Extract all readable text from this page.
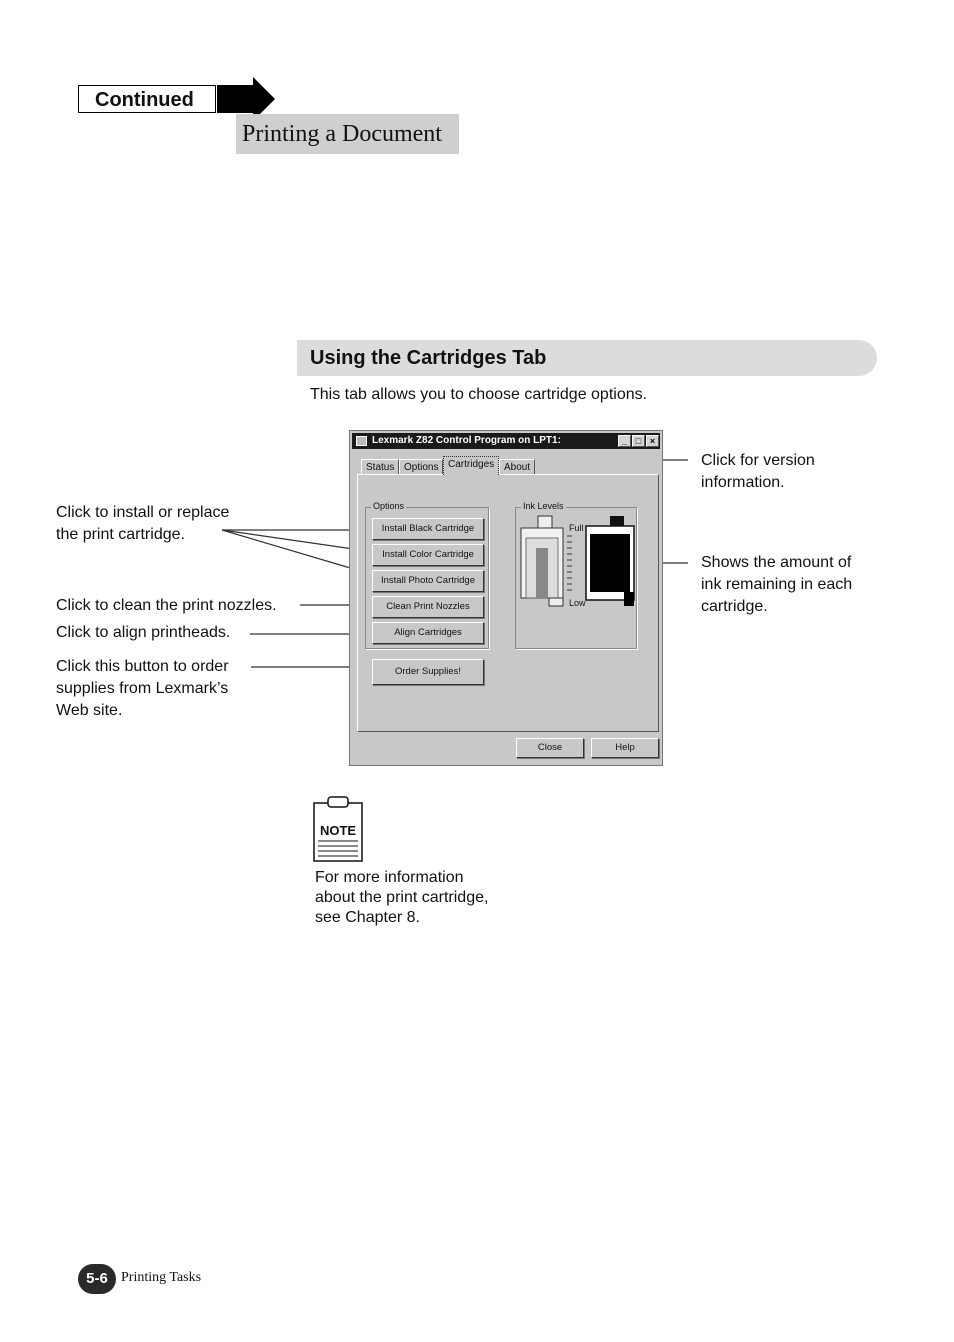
Continued
Printing a Document
Using the Cartridges Tab
This tab allows you to choose cartridge options.
Click to install or replace
the print cartridge.
Click to clean the print nozzles.
Click to align printheads.
Click this button to order
supplies from Lexmark’s
Web site.
Click for version
information.
Shows the amount of
ink remaining in each
cartridge.
Lexmark Z82 Control Program on LPT1:	_ □ ×
Status Options Cartridges About
Options
Install Black Cartridge
Install Color Cartridge
Install Photo Cartridge
Clean Print Nozzles
Align Cartridges
Order Supplies!
Ink Levels
Full
Low
Close	Help
NOTE
For more information
about the print cartridge,
see Chapter 8.
5-6 Printing Tasks
